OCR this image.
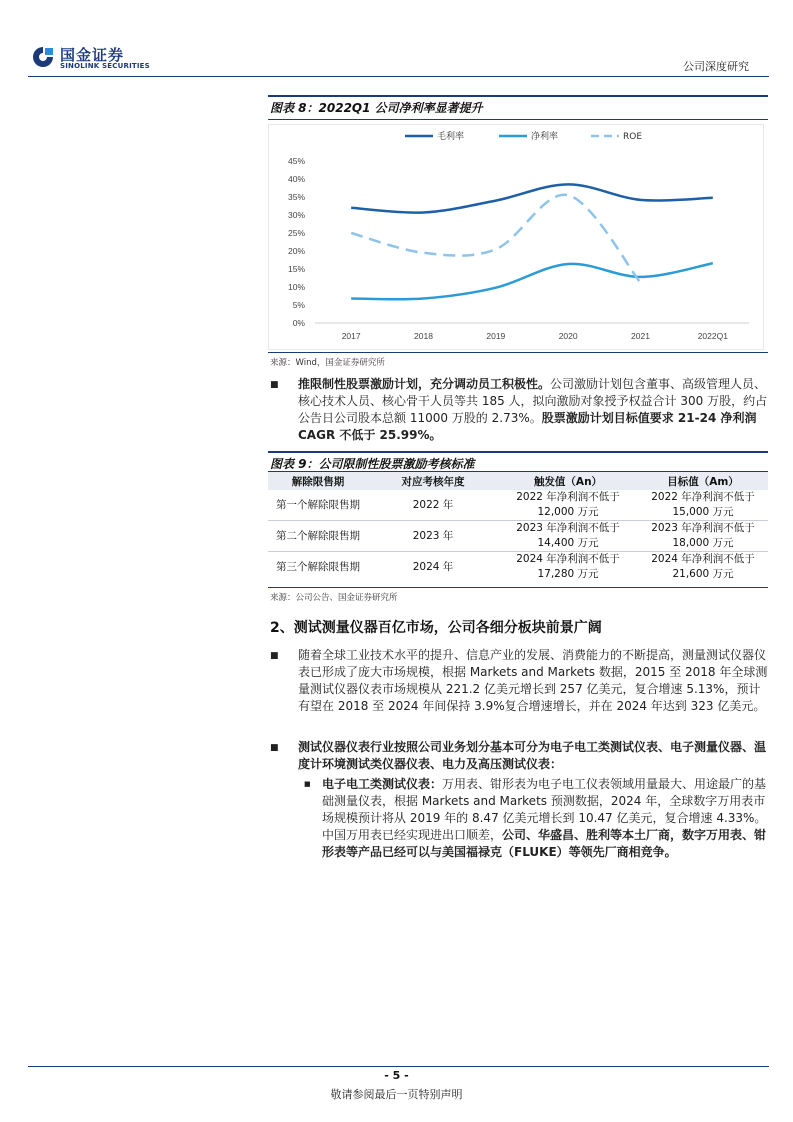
国金证券
SINOLINK SECURITIES	公司深度研究
图表 8：2022Q1 公司净利率显著提升
0%
5%
10%
15%
20%
25%
30%
35%
40%
45%
2017	2018	2019	2020	2021	2022Q1
毛利率	净利率	ROE
来源：Wind，国金证券研究所
■ 推限制性股票激励计划，充分调动员工积极性。公司激励计划包含董事、高级管理人员、核心技术人员、核心骨干人员等共 185 人，拟向激励对象授予权益合计 300 万股，约占公告日公司股本总额 11000 万股的 2.73%。股票激励计划目标值要求 21-24 净利润 CAGR 不低于 25.99%。
图表 9：公司限制性股票激励考核标准
解除限售期	对应考核年度	触发值（An）	目标值（Am）
第一个解除限售期	2022 年	2022 年净利润不低于 12,000 万元	2022 年净利润不低于 15,000 万元
第二个解除限售期	2023 年	2023 年净利润不低于 14,400 万元	2023 年净利润不低于 18,000 万元
第三个解除限售期	2024 年	2024 年净利润不低于 17,280 万元	2024 年净利润不低于 21,600 万元
来源：公司公告、国金证券研究所
2、测试测量仪器百亿市场，公司各细分板块前景广阔
■ 随着全球工业技术水平的提升、信息产业的发展、消费能力的不断提高，测量测试仪器仪表已形成了庞大市场规模，根据 Markets and Markets 数据，2015 至 2018 年全球测量测试仪器仪表市场规模从 221.2 亿美元增长到 257 亿美元，复合增速 5.13%，预计有望在 2018 至 2024 年间保持 3.9%复合增速增长，并在 2024 年达到 323 亿美元。
■ 测试仪器仪表行业按照公司业务划分基本可分为电子电工类测试仪表、电子测量仪器、温度计环境测试类仪器仪表、电力及高压测试仪表：
■ 电子电工类测试仪表：万用表、钳形表为电子电工仪表领域用量最大、用途最广的基础测量仪表，根据 Markets and Markets 预测数据，2024 年，全球数字万用表市场规模预计将从 2019 年的 8.47 亿美元增长到 10.47 亿美元，复合增速 4.33%。中国万用表已经实现进出口顺差，公司、华盛昌、胜利等本土厂商，数字万用表、钳形表等产品已经可以与美国福禄克（FLUKE）等领先厂商相竞争。
- 5 -
敬请参阅最后一页特别声明
